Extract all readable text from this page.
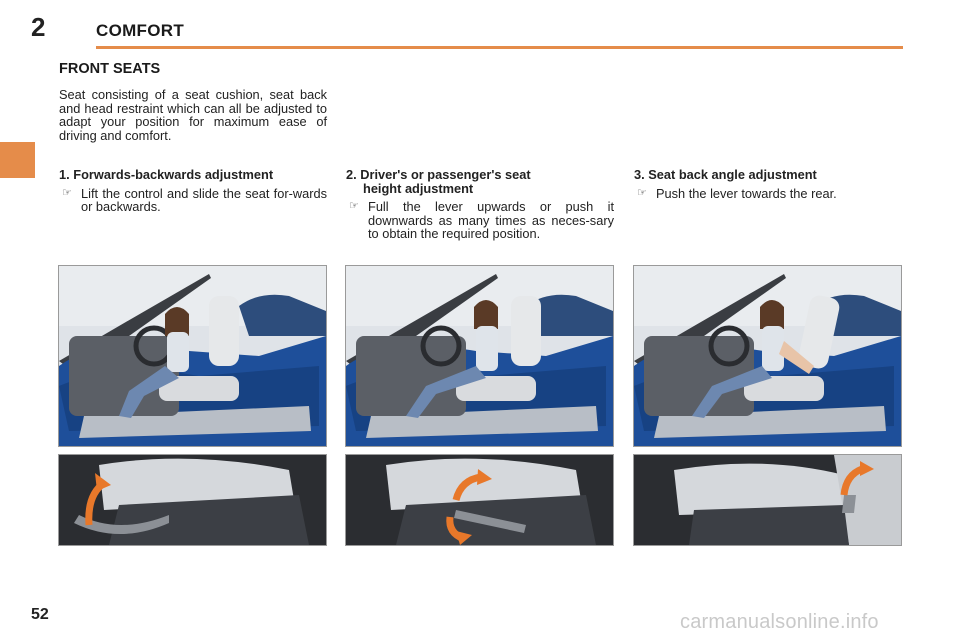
2	COMFORT
FRONT SEATS
Seat consisting of a seat cushion, seat back and head restraint which can all be adjusted to adapt your position for maximum ease of driving and comfort.
1. Forwards-backwards adjustment
☞ Lift the control and slide the seat for-wards or backwards.
2. Driver's or passenger's seat
height adjustment
☞ Full the lever upwards or push it downwards as many times as neces-sary to obtain the required position.
3. Seat back angle adjustment
☞ Push the lever towards the rear.
52	carmanualsonline.info
